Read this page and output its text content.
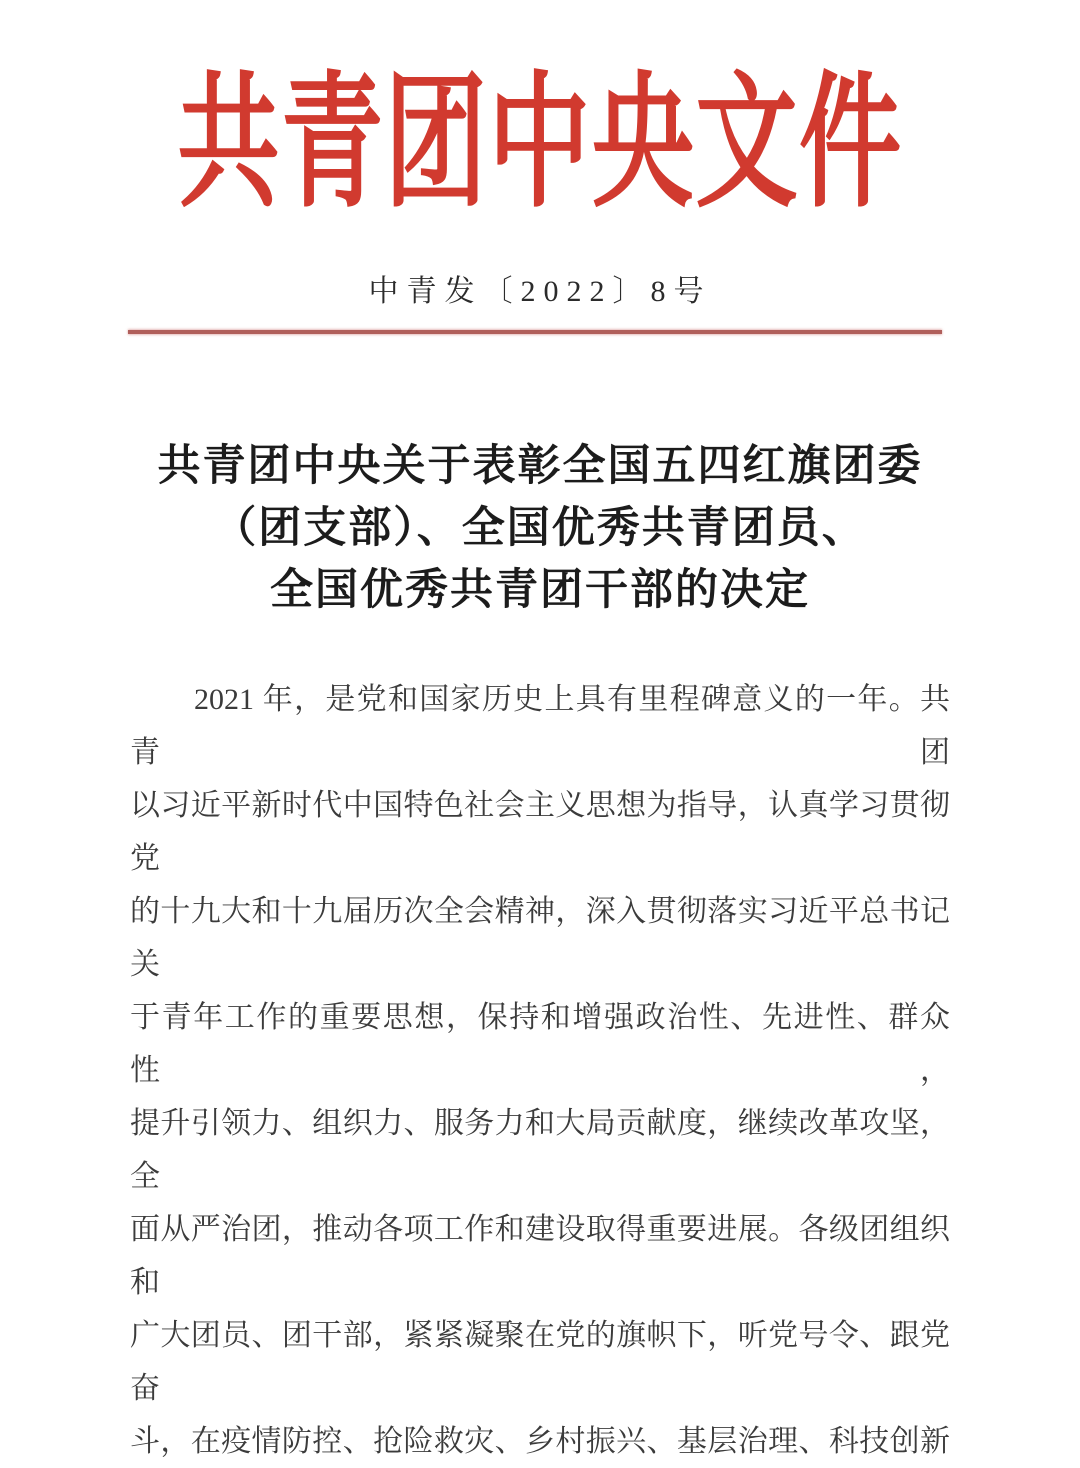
共青团中央文件
中青发〔2022〕8号
共青团中央关于表彰全国五四红旗团委
（团支部）、全国优秀共青团员、
全国优秀共青团干部的决定
2021 年，是党和国家历史上具有里程碑意义的一年。共青团
以习近平新时代中国特色社会主义思想为指导，认真学习贯彻党
的十九大和十九届历次全会精神，深入贯彻落实习近平总书记关
于青年工作的重要思想，保持和增强政治性、先进性、群众性，
提升引领力、组织力、服务力和大局贡献度，继续改革攻坚，全
面从严治团，推动各项工作和建设取得重要进展。各级团组织和
广大团员、团干部，紧紧凝聚在党的旗帜下，听党号令、跟党奋
斗，在疫情防控、抢险救灾、乡村振兴、基层治理、科技创新
